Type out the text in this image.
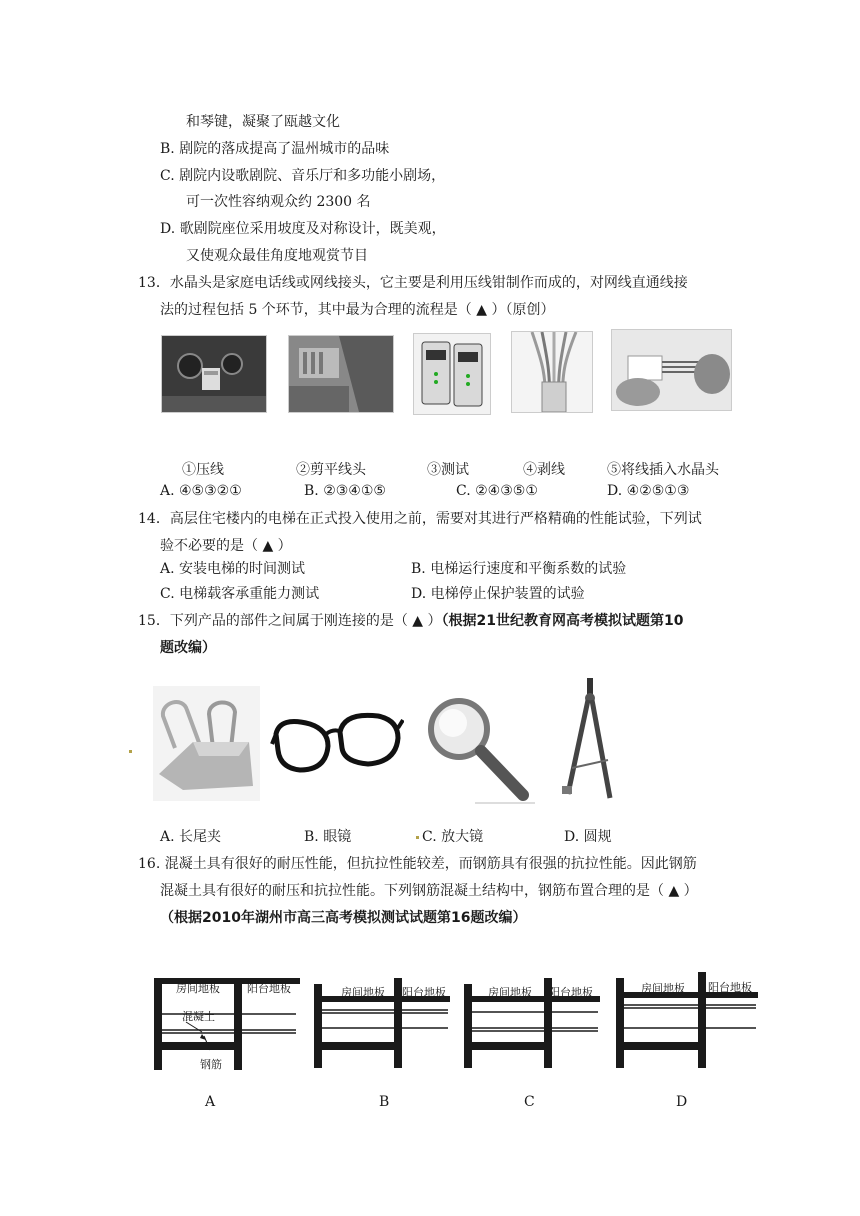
和琴键，凝聚了瓯越文化
B. 剧院的落成提高了温州城市的品味
C. 剧院内设歌剧院、音乐厅和多功能小剧场，
可一次性容纳观众约 2300 名
D. 歌剧院座位采用坡度及对称设计，既美观，
又使观众最佳角度地观赏节目
13．水晶头是家庭电话线或网线接头，它主要是利用压线钳制作而成的，对网线直通线接
法的过程包括 5 个环节，其中最为合理的流程是（ ▲ ）（原创）
①压线	②剪平线头	③测试	④剥线	⑤将线插入水晶头
A. ④⑤③②①	B. ②③④①⑤	C. ②④③⑤①	D. ④②⑤①③
14．高层住宅楼内的电梯在正式投入使用之前，需要对其进行严格精确的性能试验，下列试
验不必要的是（ ▲ ）
A. 安装电梯的时间测试	B. 电梯运行速度和平衡系数的试验
C. 电梯载客承重能力测试	D. 电梯停止保护装置的试验
15．下列产品的部件之间属于刚连接的是（ ▲ ）（根据21世纪教育网高考模拟试题第10
题改编）
A. 长尾夹	B. 眼镜	C. 放大镜	D. 圆规
16. 混凝土具有很好的耐压性能，但抗拉性能较差，而钢筋具有很强的抗拉性能。因此钢筋
混凝土具有很好的耐压和抗拉性能。下列钢筋混凝土结构中，钢筋布置合理的是（ ▲ ）
（根据2010年湖州市高三高考模拟测试试题第16题改编）
房间地板 阳台地板
混凝土
钢筋
房间地板 阳台地板	房间地板 阳台地板	房间地板 阳台地板
A	B	C	D
